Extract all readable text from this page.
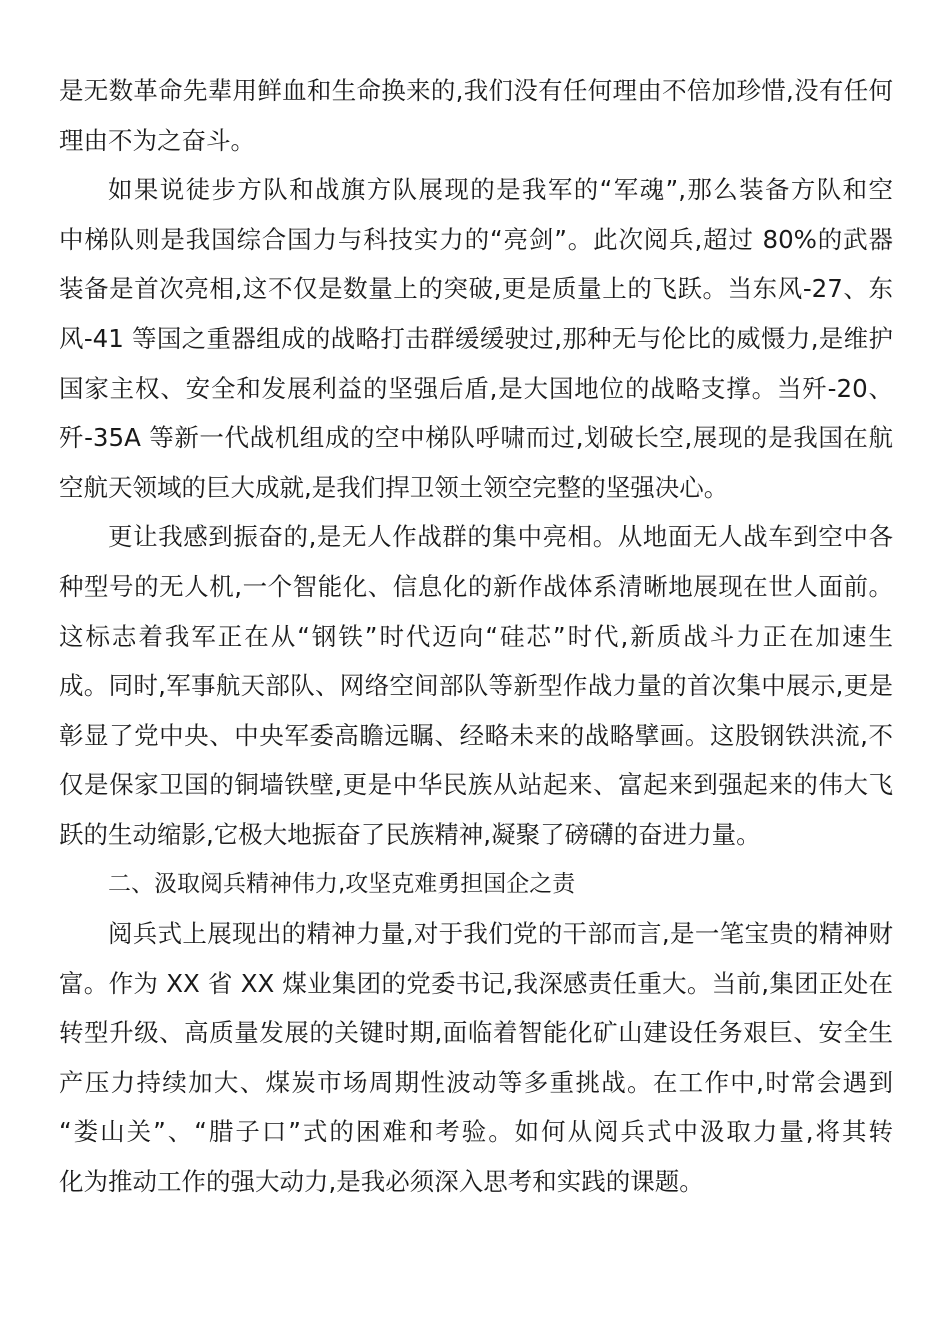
是无数革命先辈用鲜血和生命换来的,我们没有任何理由不倍加珍惜,没有任何
理由不为之奋斗。
如果说徒步方队和战旗方队展现的是我军的“军魂”,那么装备方队和空
中梯队则是我国综合国力与科技实力的“亮剑”。此次阅兵,超过 80%的武器
装备是首次亮相,这不仅是数量上的突破,更是质量上的飞跃。当东风-27、东
风-41 等国之重器组成的战略打击群缓缓驶过,那种无与伦比的威慑力,是维护
国家主权、安全和发展利益的坚强后盾,是大国地位的战略支撑。当歼-20、
歼-35A 等新一代战机组成的空中梯队呼啸而过,划破长空,展现的是我国在航
空航天领域的巨大成就,是我们捍卫领土领空完整的坚强决心。
更让我感到振奋的,是无人作战群的集中亮相。从地面无人战车到空中各
种型号的无人机,一个智能化、信息化的新作战体系清晰地展现在世人面前。
这标志着我军正在从“钢铁”时代迈向“硅芯”时代,新质战斗力正在加速生
成。同时,军事航天部队、网络空间部队等新型作战力量的首次集中展示,更是
彰显了党中央、中央军委高瞻远瞩、经略未来的战略擘画。这股钢铁洪流,不
仅是保家卫国的铜墙铁壁,更是中华民族从站起来、富起来到强起来的伟大飞
跃的生动缩影,它极大地振奋了民族精神,凝聚了磅礴的奋进力量。
二、汲取阅兵精神伟力,攻坚克难勇担国企之责
阅兵式上展现出的精神力量,对于我们党的干部而言,是一笔宝贵的精神财
富。作为 XX 省 XX 煤业集团的党委书记,我深感责任重大。当前,集团正处在
转型升级、高质量发展的关键时期,面临着智能化矿山建设任务艰巨、安全生
产压力持续加大、煤炭市场周期性波动等多重挑战。在工作中,时常会遇到
“娄山关”、“腊子口”式的困难和考验。如何从阅兵式中汲取力量,将其转
化为推动工作的强大动力,是我必须深入思考和实践的课题。
